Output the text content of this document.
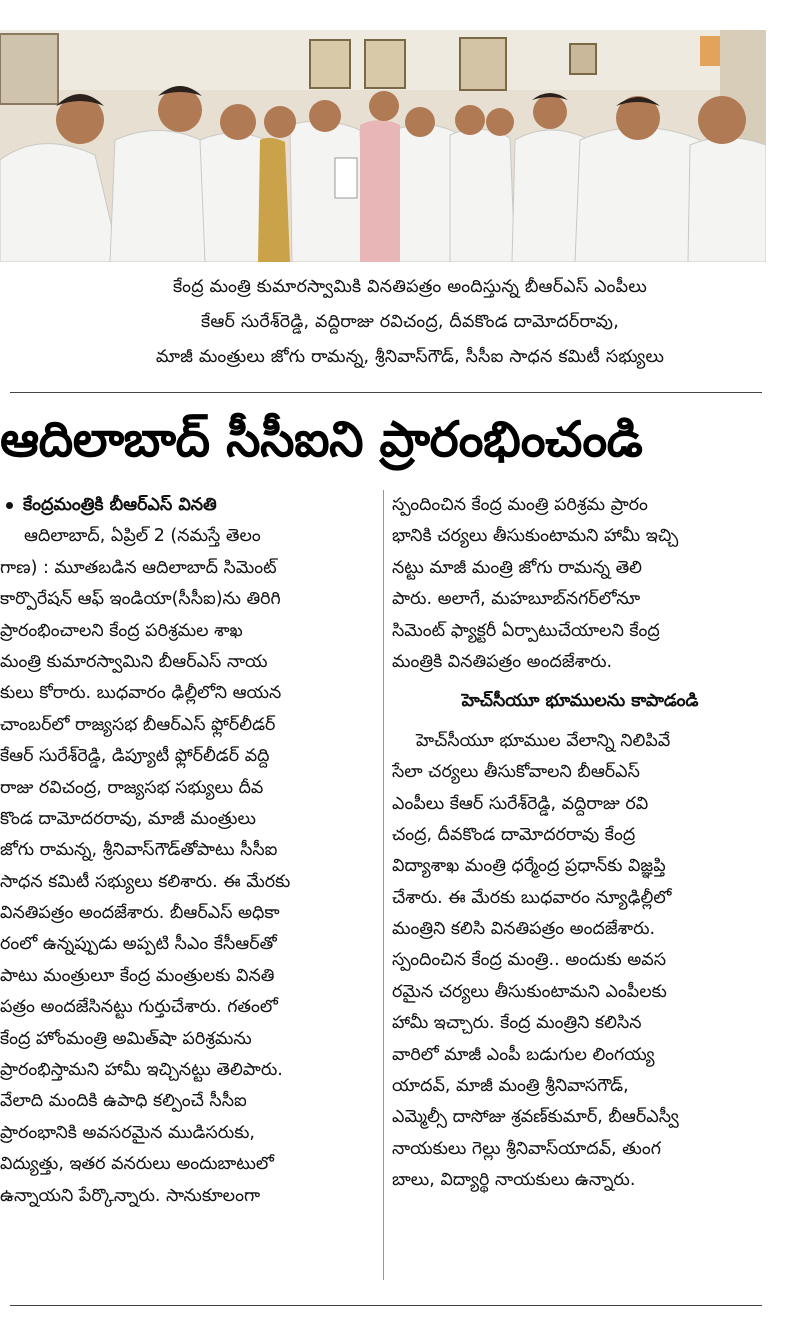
కేంద్ర మంత్రి కుమారస్వామికి వినతిపత్రం అందిస్తున్న బీఆర్‌ఎస్ ఎంపీలు
కేఆర్ సురేశ్‌రెడ్డి, వద్దిరాజు రవిచంద్ర, దీవకొండ దామోదర్‌రావు,
మాజీ మంత్రులు జోగు రామన్న, శ్రీనివాస్‌గౌడ్, సీసీఐ సాధన కమిటీ సభ్యులు
ఆదిలాబాద్ సీసీఐని ప్రారంభించండి
కేంద్రమంత్రికి బీఆర్‌ఎస్ వినతి
ఆదిలాబాద్, ఏప్రిల్ 2 (నమస్తే తెలం
గాణ) : మూతబడిన ఆదిలాబాద్ సిమెంట్
కార్పొరేషన్ ఆఫ్ ఇండియా(సీసీఐ)ను తిరిగి
ప్రారంభించాలని కేంద్ర పరిశ్రమల శాఖ
మంత్రి కుమారస్వామిని బీఆర్‌ఎస్ నాయ
కులు కోరారు. బుధవారం ఢిల్లీలోని ఆయన
చాంబర్‌లో రాజ్యసభ బీఆర్‌ఎస్ ఫ్లోర్‌లీడర్
కేఆర్ సురేశ్‌రెడ్డి, డిప్యూటీ ఫ్లోర్‌లీడర్ వద్ది
రాజు రవిచంద్ర, రాజ్యసభ సభ్యులు దీవ
కొండ దామోదరరావు, మాజీ మంత్రులు
జోగు రామన్న, శ్రీనివాస్‌గౌడ్‌తోపాటు సీసీఐ
సాధన కమిటీ సభ్యులు కలిశారు. ఈ మేరకు
వినతిపత్రం అందజేశారు. బీఆర్‌ఎస్ అధికా
రంలో ఉన్నప్పుడు అప్పటి సీఎం కేసీఆర్‌తో
పాటు మంత్రులూ కేంద్ర మంత్రులకు వినతి
పత్రం అందజేసినట్టు గుర్తుచేశారు. గతంలో
కేంద్ర హోంమంత్రి అమిత్‌షా పరిశ్రమను
ప్రారంభిస్తామని హామీ ఇచ్చినట్టు తెలిపారు.
వేలాది మందికి ఉపాధి కల్పించే సీసీఐ
ప్రారంభానికి అవసరమైన ముడిసరుకు,
విద్యుత్తు, ఇతర వనరులు అందుబాటులో
ఉన్నాయని పేర్కొన్నారు. సానుకూలంగా
స్పందించిన కేంద్ర మంత్రి పరిశ్రమ ప్రారం
భానికి చర్యలు తీసుకుంటామని హామీ ఇచ్చి
నట్టు మాజీ మంత్రి జోగు రామన్న తెలి
పారు. అలాగే, మహబూబ్‌నగర్‌లోనూ
సిమెంట్ ఫ్యాక్టరీ ఏర్పాటుచేయాలని కేంద్ర
మంత్రికి వినతిపత్రం అందజేశారు.
హెచ్‌సీయూ భూములను కాపాడండి
హెచ్‌సీయూ భూముల వేలాన్ని నిలిపివే
సేలా చర్యలు తీసుకోవాలని బీఆర్‌ఎస్
ఎంపీలు కేఆర్ సురేశ్‌రెడ్డి, వద్దిరాజు రవి
చంద్ర, దీవకొండ దామోదరరావు కేంద్ర
విద్యాశాఖ మంత్రి ధర్మేంద్ర ప్రధాన్‌కు విజ్ఞప్తి
చేశారు. ఈ మేరకు బుధవారం న్యూఢిల్లీలో
మంత్రిని కలిసి వినతిపత్రం అందజేశారు.
స్పందించిన కేంద్ర మంత్రి.. అందుకు అవస
రమైన చర్యలు తీసుకుంటామని ఎంపీలకు
హామీ ఇచ్చారు. కేంద్ర మంత్రిని కలిసిన
వారిలో మాజీ ఎంపీ బడుగుల లింగయ్య
యాదవ్, మాజీ మంత్రి శ్రీనివాసగౌడ్,
ఎమ్మెల్సీ దాసోజు శ్రవణ్‌కుమార్, బీఆర్‌ఎస్వీ
నాయకులు గెల్లు శ్రీనివాస్‌యాదవ్, తుంగ
బాలు, విద్యార్థి నాయకులు ఉన్నారు.
